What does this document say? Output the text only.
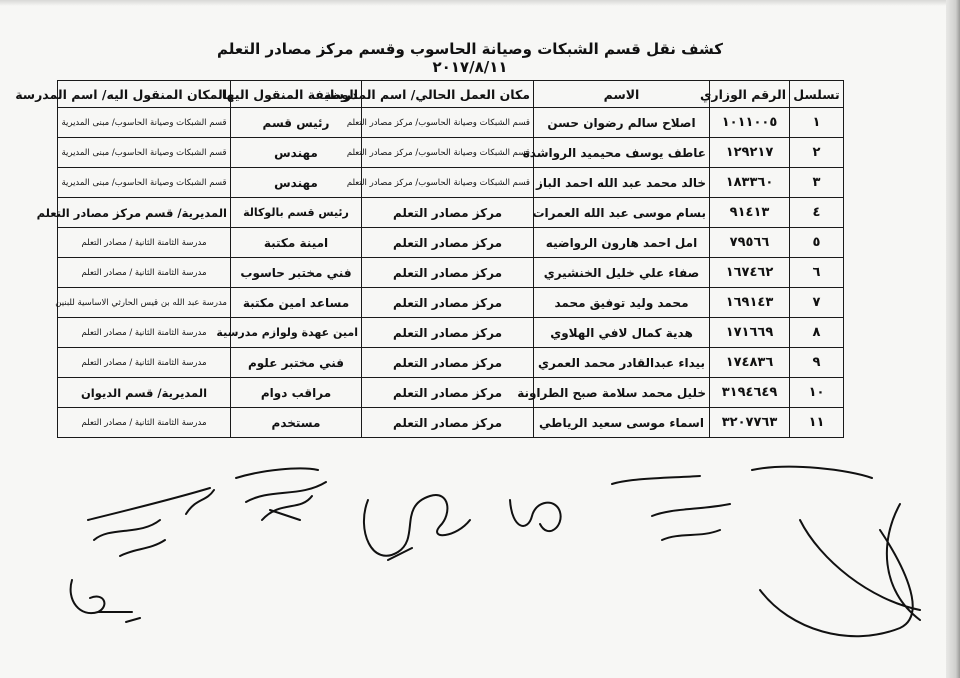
كشف نقل قسم الشبكات وصيانة الحاسوب وقسم مركز مصادر التعلم ٢٠١٧/٨/١١
تسلسل	الرقم الوزاري	الاسم	مكان العمل الحالي/ اسم المدرسة	الوظيفة المنقول اليها	المكان المنقول اليه/ اسم المدرسة
١	١٠١١٠٠٥	اصلاح سالم رضوان حسن	قسم الشبكات وصيانة الحاسوب/ مركز مصادر التعلم	رئيس قسم	قسم الشبكات وصيانة الحاسوب/ مبنى المديرية
٢	١٢٩٢١٧	عاطف يوسف محيميد الرواشدة	قسم الشبكات وصيانة الحاسوب/ مركز مصادر التعلم	مهندس	قسم الشبكات وصيانة الحاسوب/ مبنى المديرية
٣	١٨٣٣٦٠	خالد محمد عبد الله احمد الباز	قسم الشبكات وصيانة الحاسوب/ مركز مصادر التعلم	مهندس	قسم الشبكات وصيانة الحاسوب/ مبنى المديرية
٤	٩١٤١٣	بسام موسى عبد الله العمرات	مركز مصادر التعلم	رئيس قسم بالوكالة	المديرية/ قسم مركز مصادر التعلم
٥	٧٩٥٦٦	امل احمد هارون الرواضيه	مركز مصادر التعلم	امينة مكتبة	مدرسة الثامنة الثانية / مصادر التعلم
٦	١٦٧٤٦٢	صفاء علي خليل الخنشيري	مركز مصادر التعلم	فني مختبر حاسوب	مدرسة الثامنة الثانية / مصادر التعلم
٧	١٦٩١٤٣	محمد وليد توفيق محمد	مركز مصادر التعلم	مساعد امين مكتبة	مدرسة عبد الله بن قيس الحارثي الاساسية للبنين
٨	١٧١٦٦٩	هدية كمال لافي الهلاوي	مركز مصادر التعلم	امين عهدة ولوازم مدرسية	مدرسة الثامنة الثانية / مصادر التعلم
٩	١٧٤٨٣٦	بيداء عبدالقادر محمد العمري	مركز مصادر التعلم	فني مختبر علوم	مدرسة الثامنة الثانية / مصادر التعلم
١٠	٣١٩٤٦٤٩	خليل محمد سلامة صبح الطراونة	مركز مصادر التعلم	مراقب دوام	المديرية/ قسم الديوان
١١	٣٢٠٧٧٦٣	اسماء موسى سعيد الرياطي	مركز مصادر التعلم	مستخدم	مدرسة الثامنة الثانية / مصادر التعلم
